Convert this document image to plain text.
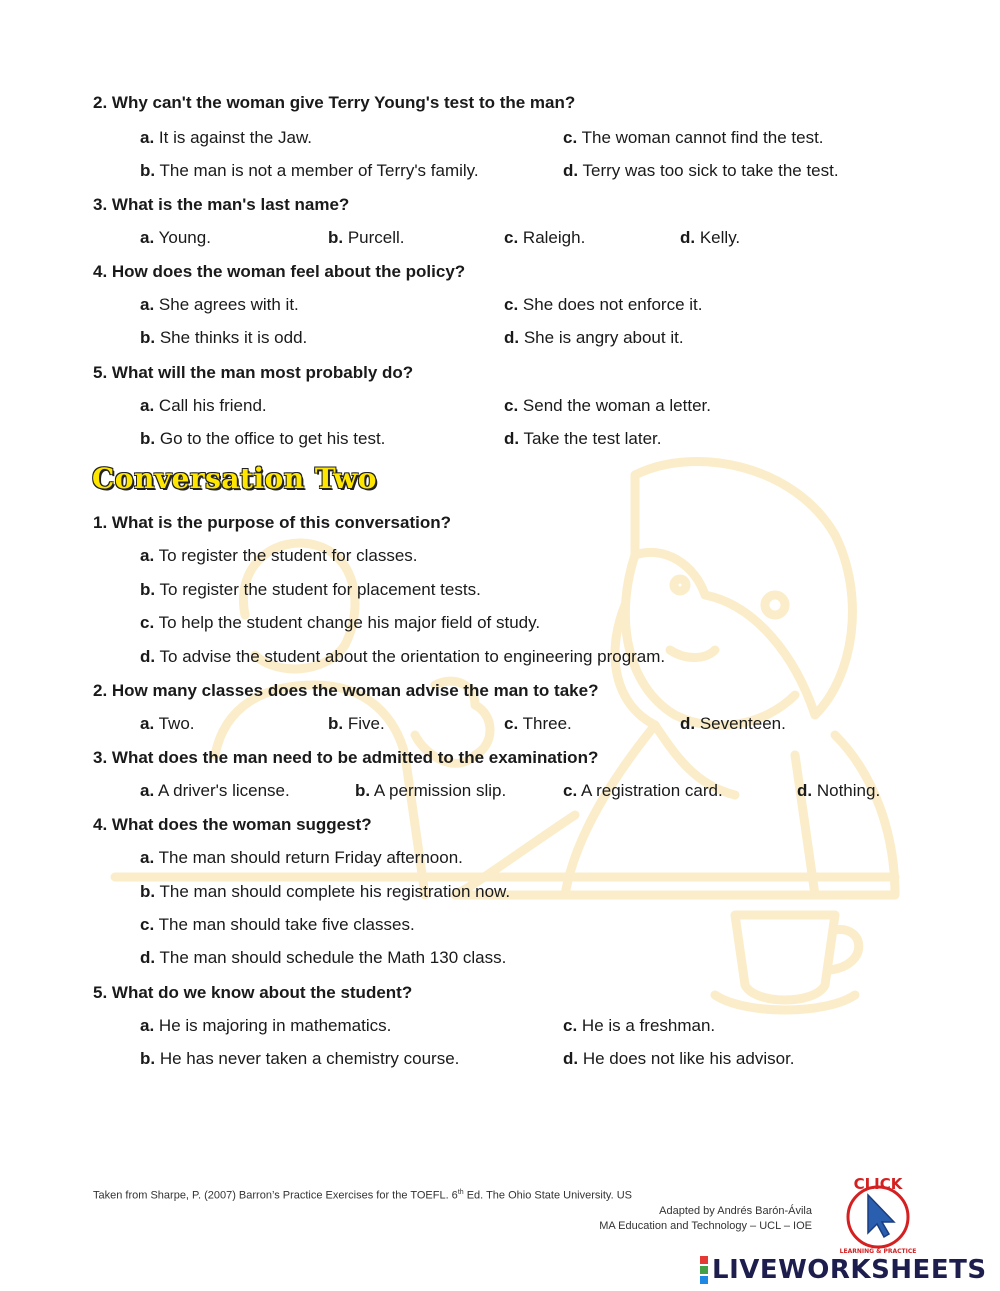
2. Why can't the woman give Terry Young's test to the man?
a. It is against the Jaw.	c. The woman cannot find the test.
b. The man is not a member of Terry's family.	d. Terry was too sick to take the test.
3. What is the man's last name?
a. Young.	b. Purcell.	c. Raleigh.	d. Kelly.
4. How does the woman feel about the policy?
a. She agrees with it.	c. She does not enforce it.
b. She thinks it is odd.	d. She is angry about it.
5. What will the man most probably do?
a. Call his friend.	c. Send the woman a letter.
b. Go to the office to get his test.	d. Take the test later.
Conversation Two
1. What is the purpose of this conversation?
a. To register the student for classes.
b. To register the student for placement tests.
c. To help the student change his major field of study.
d. To advise the student about the orientation to engineering program.
2. How many classes does the woman advise the man to take?
a. Two.	b. Five.	c. Three.	d. Seventeen.
3. What does the man need to be admitted to the examination?
a. A driver's license.	b. A permission slip.	c. A registration card.	d. Nothing.
4. What does the woman suggest?
a. The man should return Friday afternoon.
b. The man should complete his registration now.
c. The man should take five classes.
d. The man should schedule the Math 130 class.
5. What do we know about the student?
a. He is majoring in mathematics.	c. He is a freshman.
b. He has never taken a chemistry course.	d. He does not like his advisor.
Taken from Sharpe, P. (2007) Barron’s Practice Exercises for the TOEFL. 6th Ed. The Ohio State University. US
Adapted by Andrés Barón-Ávila
MA Education and Technology – UCL – IOE
CLICK
LEARNING & PRACTICE
LIVEWORKSHEETS
